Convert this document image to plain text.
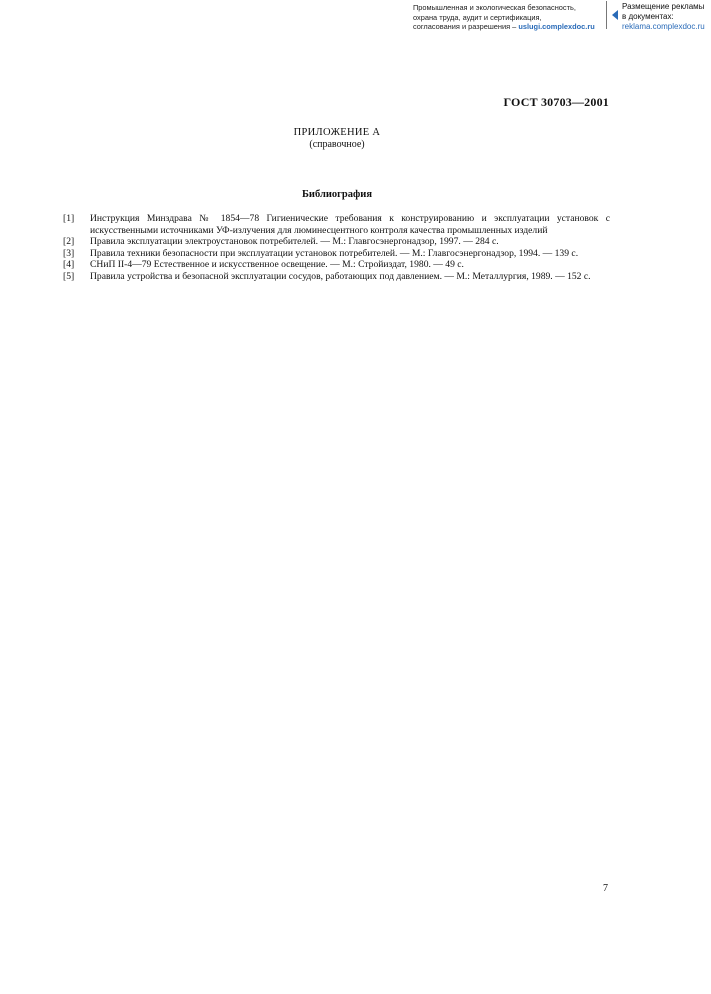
Промышленная и экологическая безопасность,
охрана труда, аудит и сертификация,
согласования и разрешения – uslugi.complexdoc.ru
Размещение рекламы
в документах:
reklama.complexdoc.ru
ГОСТ 30703—2001
ПРИЛОЖЕНИЕ А
(справочное)
Библиография
[1]	Инструкция Минздрава № 1854—78 Гигиенические требования к конструированию и эксплуатации установок с искусственными источниками УФ-излучения для люминесцентного контроля качества промышленных изделий
[2]	Правила эксплуатации электроустановок потребителей. — М.: Главгосэнергонадзор, 1997. — 284 с.
[3]	Правила техники безопасности при эксплуатации установок потребителей. — М.: Главгосэнергонадзор, 1994. — 139 с.
[4]	СНиП II-4—79 Естественное и искусственное освещение. — М.: Стройиздат, 1980. — 49 с.
[5]	Правила устройства и безопасной эксплуатации сосудов, работающих под давлением. — М.: Металлургия, 1989. — 152 с.
7
